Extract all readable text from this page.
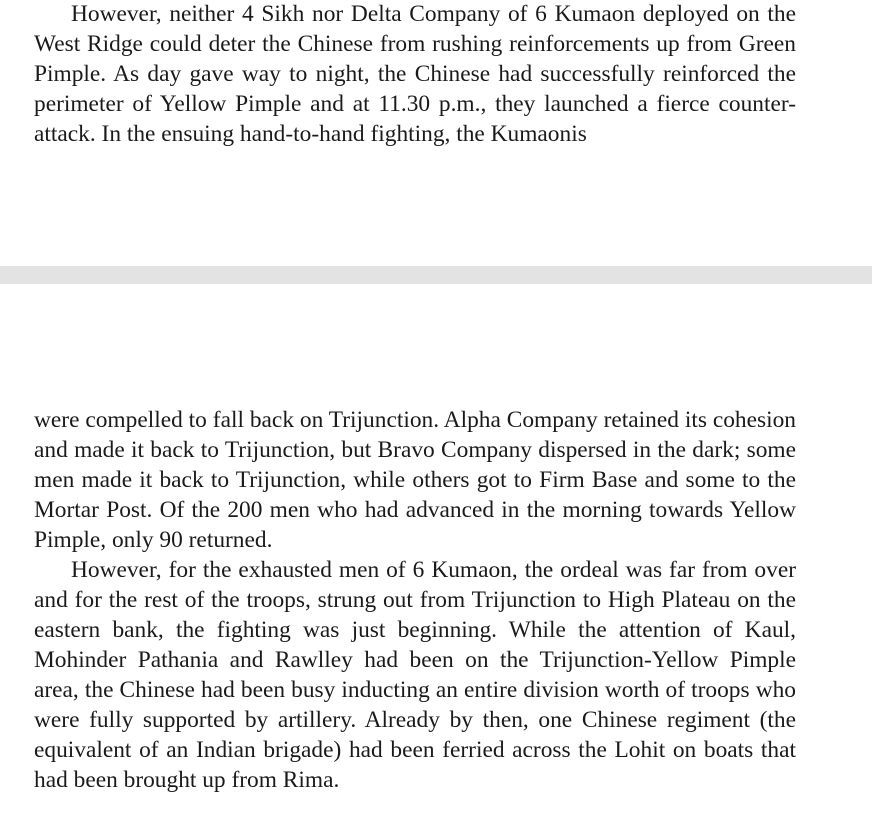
However, neither 4 Sikh nor Delta Company of 6 Kumaon deployed on the West Ridge could deter the Chinese from rushing reinforcements up from Green Pimple. As day gave way to night, the Chinese had successfully reinforced the perimeter of Yellow Pimple and at 11.30 p.m., they launched a fierce counter-attack. In the ensuing hand-to-hand fighting, the Kumaonis

were compelled to fall back on Trijunction. Alpha Company retained its cohesion and made it back to Trijunction, but Bravo Company dispersed in the dark; some men made it back to Trijunction, while others got to Firm Base and some to the Mortar Post. Of the 200 men who had advanced in the morning towards Yellow Pimple, only 90 returned.

However, for the exhausted men of 6 Kumaon, the ordeal was far from over and for the rest of the troops, strung out from Trijunction to High Plateau on the eastern bank, the fighting was just beginning. While the attention of Kaul, Mohinder Pathania and Rawlley had been on the Trijunction-Yellow Pimple area, the Chinese had been busy inducting an entire division worth of troops who were fully supported by artillery. Already by then, one Chinese regiment (the equivalent of an Indian brigade) had been ferried across the Lohit on boats that had been brought up from Rima.
